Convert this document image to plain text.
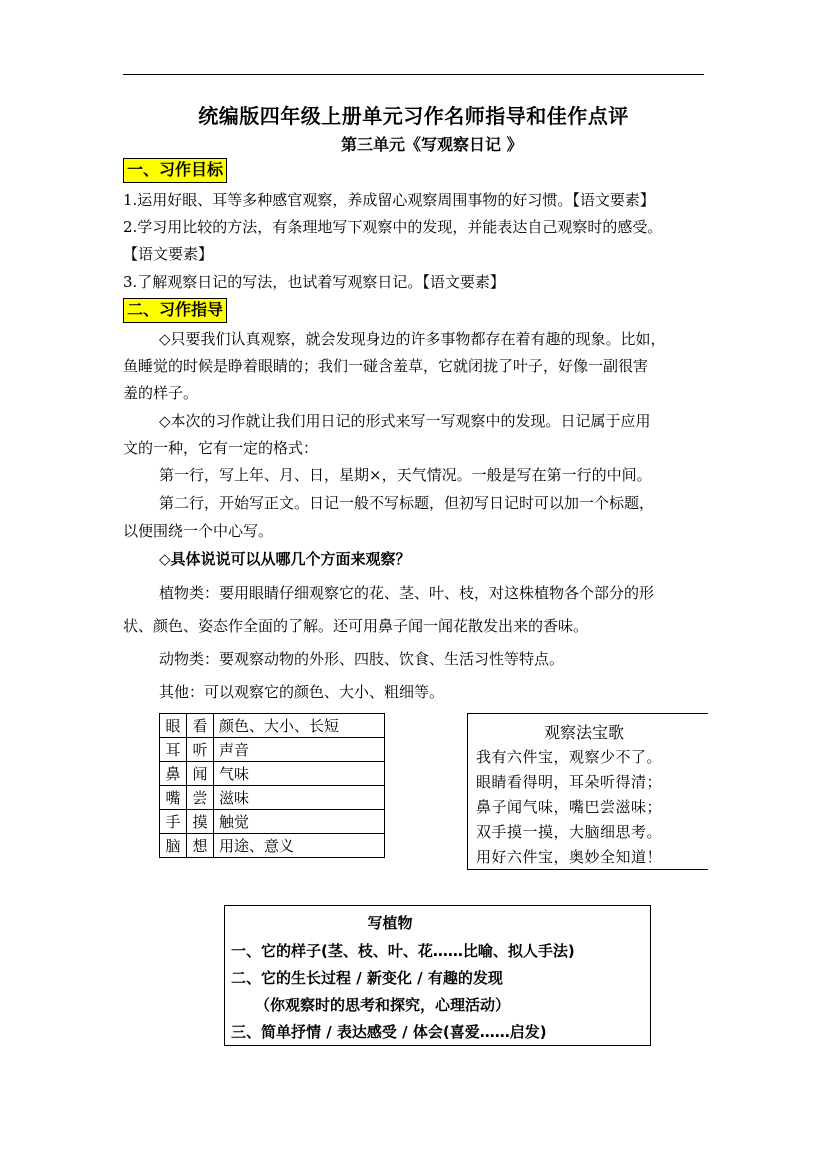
统编版四年级上册单元习作名师指导和佳作点评
第三单元《写观察日记 》
一、习作目标
1.运用好眼、耳等多种感官观察，养成留心观察周围事物的好习惯。【语文要素】
2.学习用比较的方法，有条理地写下观察中的发现，并能表达自己观察时的感受。
【语文要素】
3.了解观察日记的写法，也试着写观察日记。【语文要素】
二、习作指导
◇只要我们认真观察，就会发现身边的许多事物都存在着有趣的现象。比如，
鱼睡觉的时候是睁着眼睛的；我们一碰含羞草，它就闭拢了叶子，好像一副很害
羞的样子。
◇本次的习作就让我们用日记的形式来写一写观察中的发现。日记属于应用
文的一种，它有一定的格式：
第一行，写上年、月、日，星期×，天气情况。一般是写在第一行的中间。
第二行，开始写正文。日记一般不写标题，但初写日记时可以加一个标题，
以便围绕一个中心写。
◇具体说说可以从哪几个方面来观察？
植物类：要用眼睛仔细观察它的花、茎、叶、枝，对这株植物各个部分的形
状、颜色、姿态作全面的了解。还可用鼻子闻一闻花散发出来的香味。
动物类：要观察动物的外形、四肢、饮食、生活习性等特点。
其他：可以观察它的颜色、大小、粗细等。
眼	看	颜色、大小、长短
耳	听	声音
鼻	闻	气味
嘴	尝	滋味
手	摸	触觉
脑	想	用途、意义
观察法宝歌
我有六件宝，观察少不了。
眼睛看得明，耳朵听得清；
鼻子闻气味，嘴巴尝滋味；
双手摸一摸，大脑细思考。
用好六件宝，奥妙全知道！
写植物
一、它的样子(茎、枝、叶、花……比喻、拟人手法)
二、它的生长过程 / 新变化 / 有趣的发现
（你观察时的思考和探究，心理活动）
三、简单抒情 / 表达感受 / 体会(喜爱……启发)
